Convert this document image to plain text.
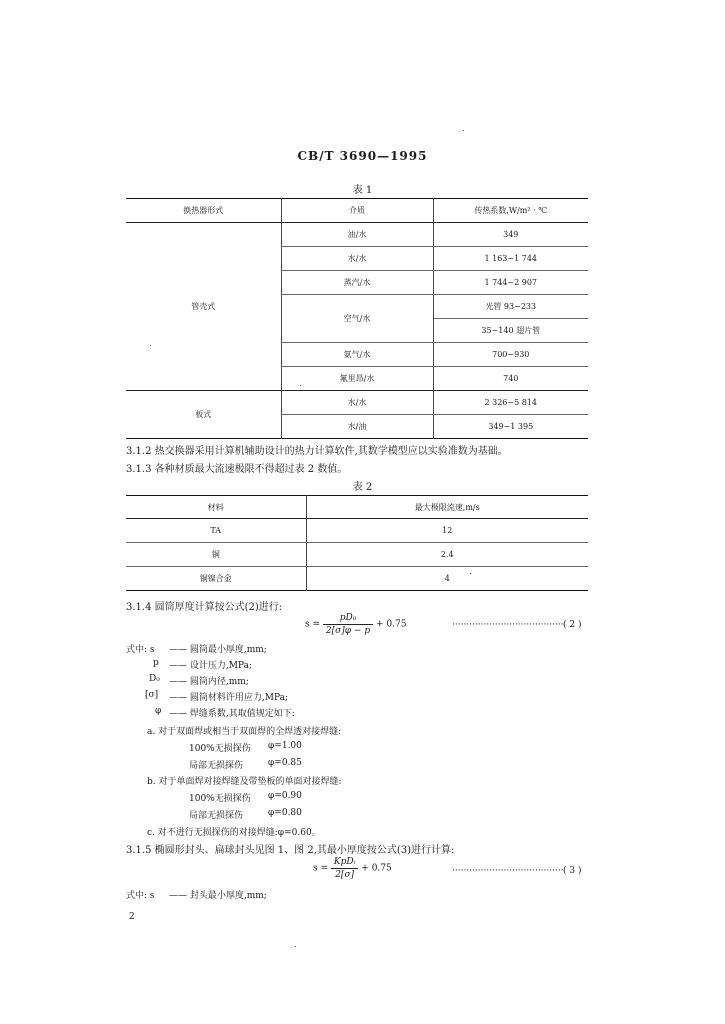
CB/T 3690—1995
表 1
换热器形式	介质	传热系数,W/m² · ℃
管壳式	油/水	349
	水/水	1 163~1 744
	蒸汽/水	1 744~2 907
	空气/水	光管 93~233
		35~140 翅片管
	氨气/水	700~930
	氟里昂/水	740
板式	水/水	2 326~5 814
	水/油	349~1 395
3.1.2 热交换器采用计算机辅助设计的热力计算软件,其数学模型应以实验准数为基础。
3.1.3 各种材质最大流速极限不得超过表 2 数值。
表 2
材料	最大极限流速,m/s
TA	12
铜	2.4
铜镍合金	4
3.1.4 圆筒厚度计算按公式(2)进行:
$s = \frac{\text{pD₀}}{2[\sigma]\varphi - p} + 0.75$	······································· ( 2 )
式中: s —— 圆筒最小厚度,mm;
p —— 设计压力,MPa;
D₀ —— 圆筒内径,mm;
[σ] —— 圆筒材料许用应力,MPa;
φ —— 焊缝系数,其取值规定如下:
a. 对于双面焊或相当于双面焊的全焊透对接焊缝:
100%无损探伤 φ=1.00
局部无损探伤	φ=0.85
b. 对于单面焊对接焊缝及带垫板的单面对接焊缝:
100%无损探伤 φ=0.90
局部无损探伤	φ=0.80
c. 对不进行无损探伤的对接焊缝:φ=0.60。
3.1.5 椭圆形封头、扁球封头见图 1、图 2,其最小厚度按公式(3)进行计算:
$s = \frac{\text{KpDᵢ}}{2[\sigma]} + 0.75$	······································· ( 3 )
式中: s —— 封头最小厚度,mm;
2
